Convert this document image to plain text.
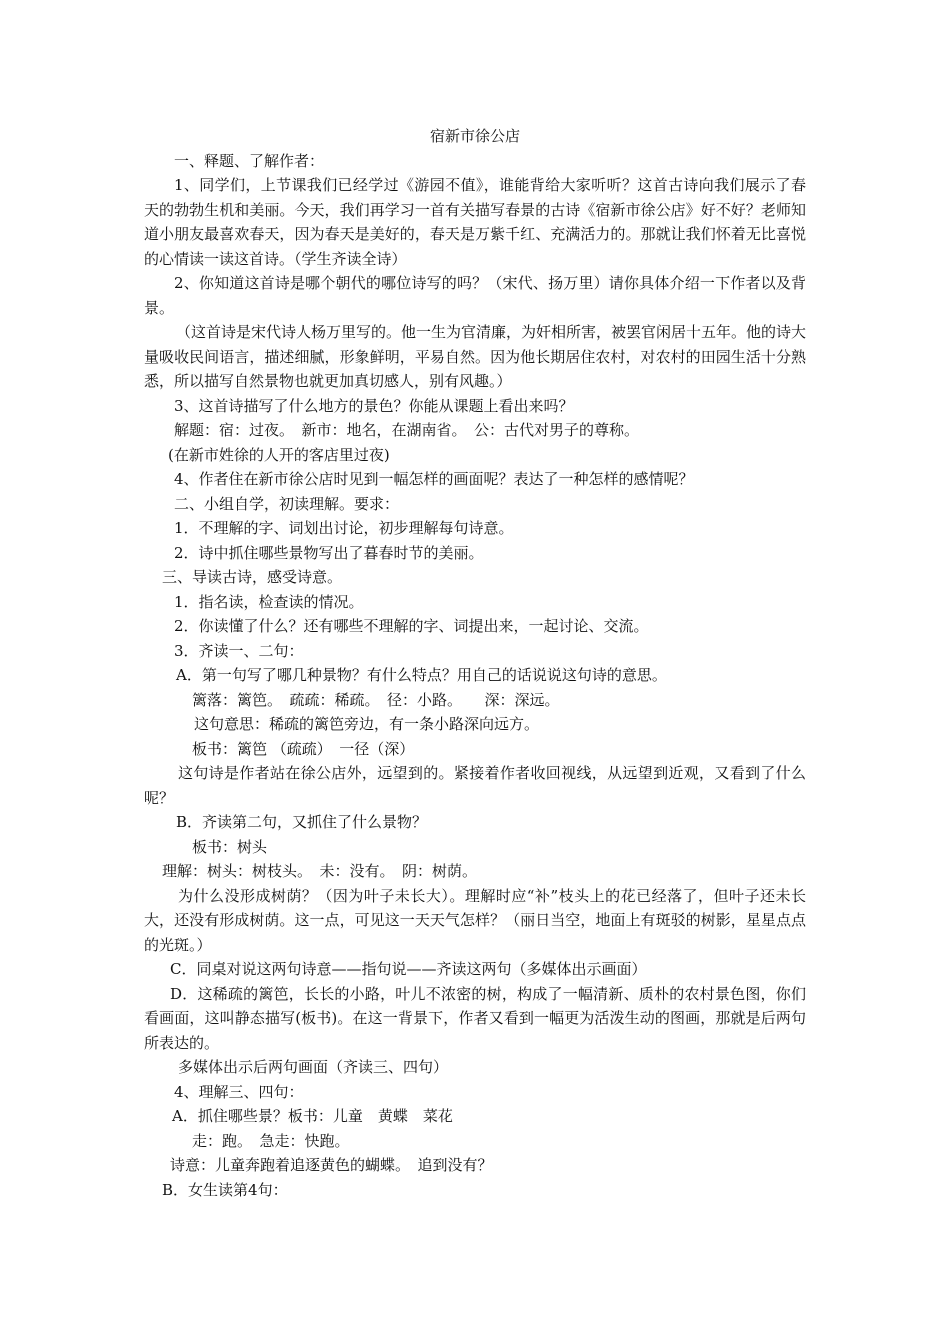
宿新市徐公店

一、释题、了解作者：

1、同学们，上节课我们已经学过《游园不值》，谁能背给大家听听？这首古诗向我们展示了春天的勃勃生机和美丽。今天，我们再学习一首有关描写春景的古诗《宿新市徐公店》好不好？老师知道小朋友最喜欢春天，因为春天是美好的，春天是万紫千红、充满活力的。那就让我们怀着无比喜悦的心情读一读这首诗。（学生齐读全诗）

2、你知道这首诗是哪个朝代的哪位诗写的吗？（宋代、扬万里）请你具体介绍一下作者以及背景。

（这首诗是宋代诗人杨万里写的。他一生为官清廉，为奸相所害，被罢官闲居十五年。他的诗大量吸收民间语言，描述细腻，形象鲜明，平易自然。因为他长期居住农村，对农村的田园生活十分熟悉，所以描写自然景物也就更加真切感人，别有风趣。）

3、这首诗描写了什么地方的景色？你能从课题上看出来吗？

解题：宿：过夜。　新市：地名，在湖南省。　公：古代对男子的尊称。

(在新市姓徐的人开的客店里过夜)

4、作者住在新市徐公店时见到一幅怎样的画面呢？表达了一种怎样的感情呢？

二、小组自学，初读理解。要求：

1．不理解的字、词划出讨论，初步理解每句诗意。

2．诗中抓住哪些景物写出了暮春时节的美丽。

三、导读古诗，感受诗意。

1．指名读，检查读的情况。

2．你读懂了什么？还有哪些不理解的字、词提出来，一起讨论、交流。

3．齐读一、二句：

A．第一句写了哪几种景物？有什么特点？用自己的话说说这句诗的意思。

篱落：篱笆。　疏疏：稀疏。　径：小路。　　深：深远。

这句意思：稀疏的篱笆旁边，有一条小路深向远方。

板书：篱笆 （疏疏）　一径（深）

这句诗是作者站在徐公店外，远望到的。紧接着作者收回视线，从远望到近观，又看到了什么呢？

B．齐读第二句，又抓住了什么景物？

板书：树头

理解：树头：树枝头。　未：没有。　阴：树荫。

为什么没形成树荫？（因为叶子未长大）。理解时应“补”枝头上的花已经落了，但叶子还未长大，还没有形成树荫。这一点，可见这一天天气怎样？（丽日当空，地面上有斑驳的树影，星星点点的光斑。）

C．同桌对说这两句诗意——指句说——齐读这两句（多媒体出示画面）

D．这稀疏的篱笆，长长的小路，叶儿不浓密的树，构成了一幅清新、质朴的农村景色图，你们看画面，这叫静态描写(板书)。在这一背景下，作者又看到一幅更为活泼生动的图画，那就是后两句所表达的。

多媒体出示后两句画面（齐读三、四句）

4、理解三、四句：

A．抓住哪些景？板书：儿童　黄蝶　菜花

走：跑。　急走：快跑。

诗意：儿童奔跑着追逐黄色的蝴蝶。　追到没有？

B．女生读第4句：
